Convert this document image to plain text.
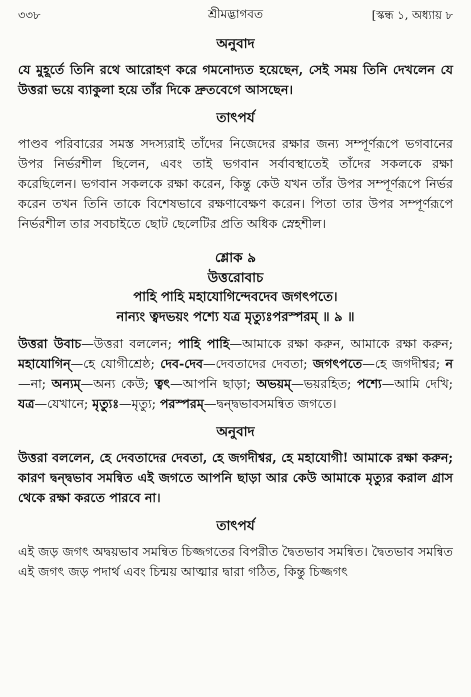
৩৩৮	[স্কন্ধ ১, অধ্যায় ৮
শ্রীমদ্ভাগবত
অনুবাদ
যে মুহূর্তে তিনি রথে আরোহণ করে গমনোদ্যত হয়েছেন, সেই সময় তিনি দেখলেন যে উত্তরা ভয়ে ব্যাকুলা হয়ে তাঁর দিকে দ্রুতবেগে আসছেন।
তাৎপর্য
পাণ্ডব পরিবারের সমস্ত সদস্যরাই তাঁদের নিজেদের রক্ষার জন্য সম্পূর্ণরূপে ভগবানের উপর নির্ভরশীল ছিলেন, এবং তাই ভগবান সর্বাবস্থাতেই তাঁদের সকলকে রক্ষা করেছিলেন। ভগবান সকলকে রক্ষা করেন, কিন্তু কেউ যখন তাঁর উপর সম্পূর্ণরূপে নির্ভর করেন তখন তিনি তাকে বিশেষভাবে রক্ষণাবেক্ষণ করেন। পিতা তার উপর সম্পূর্ণরূপে নির্ভরশীল তার সবচাইতে ছোট ছেলেটির প্রতি অধিক স্নেহশীল।
শ্লোক ৯
উত্তরোবাচ
পাহি পাহি মহাযোগিন্দেবদেব জগৎপতে।
নান্যং ত্বদভয়ং পশ্যে যত্র মৃত্যুঃপরস্পরম্ ॥ ৯ ॥
উত্তরা উবাচ—উত্তরা বললেন; পাহি পাহি—আমাকে রক্ষা করুন, আমাকে রক্ষা করুন; মহাযোগিন্—হে যোগীশ্রেষ্ঠ; দেব-দেব—দেবতাদের দেবতা; জগৎপতে—হে জগদীশ্বর; ন—না; অন্যম্—অন্য কেউ; ত্বৎ—আপনি ছাড়া; অভয়ম্—ভয়রহিত; পশ্যে—আমি দেখি; যত্র—যেখানে; মৃত্যুঃ—মৃত্যু; পরস্পরম্—দ্বন্দ্বভাবসমন্বিত জগতে।
অনুবাদ
উত্তরা বললেন, হে দেবতাদের দেবতা, হে জগদীশ্বর, হে মহাযোগী! আমাকে রক্ষা করুন; কারণ দ্বন্দ্বভাব সমন্বিত এই জগতে আপনি ছাড়া আর কেউ আমাকে মৃত্যুর করাল গ্রাস থেকে রক্ষা করতে পারবে না।
তাৎপর্য
এই জড় জগৎ অদ্বয়ভাব সমন্বিত চিজ্জগতের বিপরীত দ্বৈতভাব সমন্বিত। দ্বৈতভাব সমন্বিত এই জগৎ জড় পদার্থ এবং চিন্ময় আত্মার দ্বারা গঠিত, কিন্তু চিজ্জগৎ
